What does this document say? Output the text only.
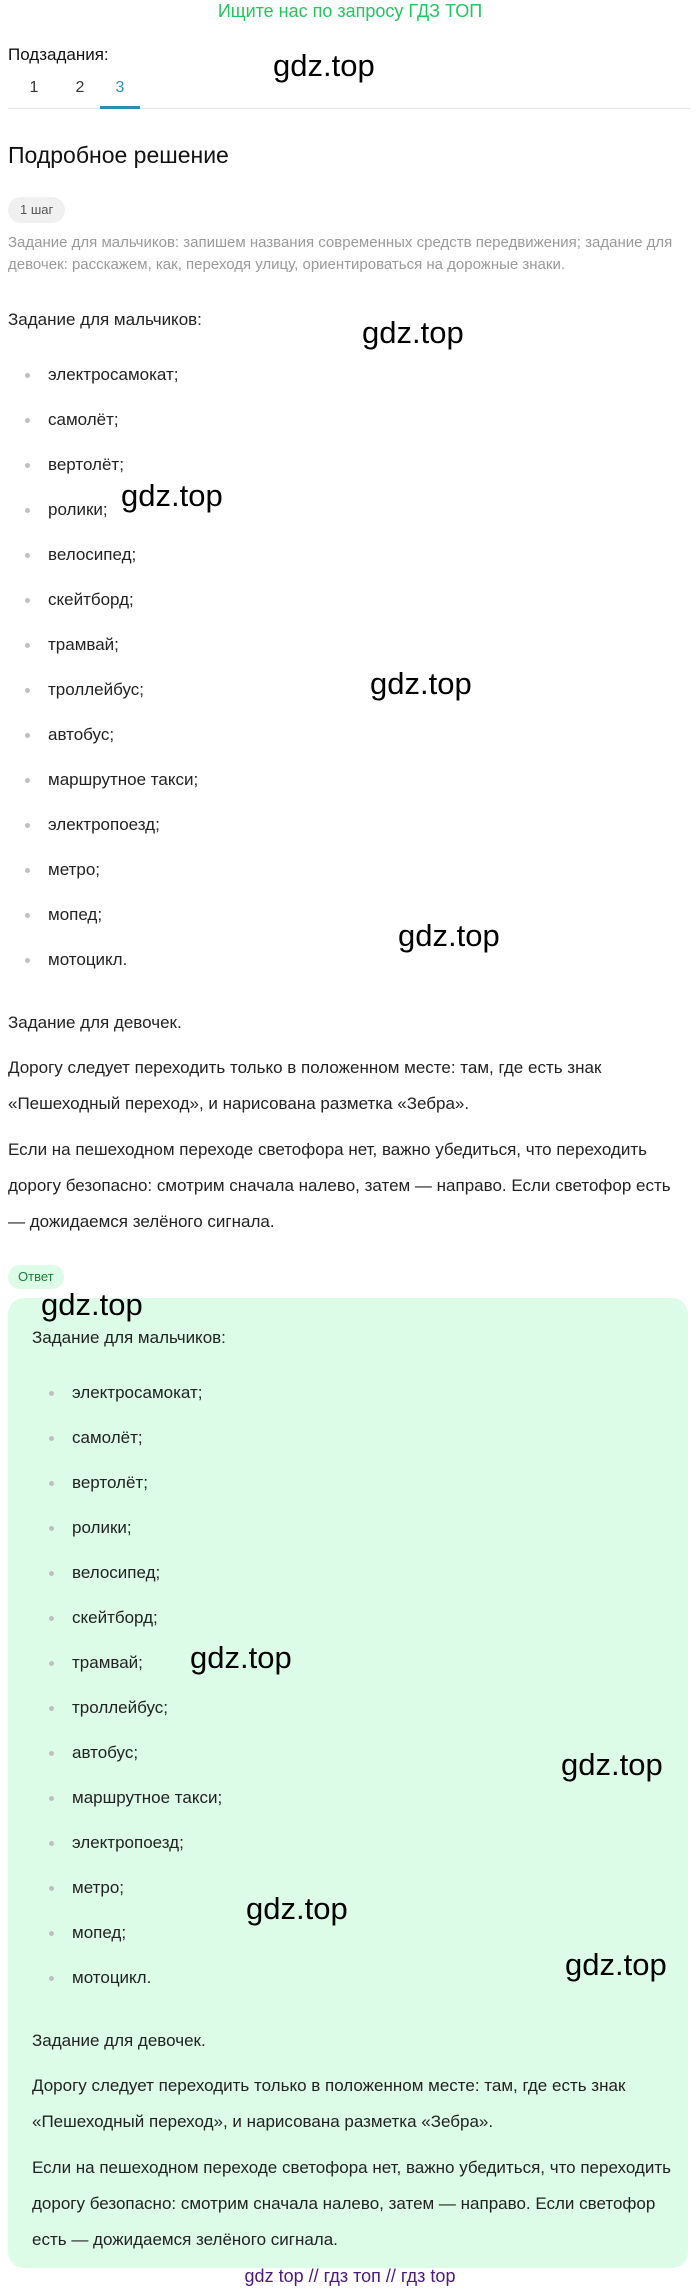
Ищите нас по запросу ГДЗ ТОП
Подзадания:
1	2	3
Подробное решение
1 шаг
Задание для мальчиков: запишем названия современных средств передвижения; задание для девочек: расскажем, как, переходя улицу, ориентироваться на дорожные знаки.
Задание для мальчиков:
электросамокат;
самолёт;
вертолёт;
ролики;
велосипед;
скейтборд;
трамвай;
троллейбус;
автобус;
маршрутное такси;
электропоезд;
метро;
мопед;
мотоцикл.
Задание для девочек.
Дорогу следует переходить только в положенном месте: там, где есть знак «Пешеходный переход», и нарисована разметка «Зебра».
Если на пешеходном переходе светофора нет, важно убедиться, что переходить дорогу безопасно: смотрим сначала налево, затем — направо. Если светофор есть — дожидаемся зелёного сигнала.
Ответ
Задание для мальчиков:
электросамокат;
самолёт;
вертолёт;
ролики;
велосипед;
скейтборд;
трамвай;
троллейбус;
автобус;
маршрутное такси;
электропоезд;
метро;
мопед;
мотоцикл.
Задание для девочек.
Дорогу следует переходить только в положенном месте: там, где есть знак «Пешеходный переход», и нарисована разметка «Зебра».
Если на пешеходном переходе светофора нет, важно убедиться, что переходить дорогу безопасно: смотрим сначала налево, затем — направо. Если светофор есть — дожидаемся зелёного сигнала.
gdz.top
gdz.top
gdz.top
gdz.top
gdz.top
gdz.top
gdz.top
gdz.top
gdz.top
gdz.top
gdz top // гдз топ // гдз top
